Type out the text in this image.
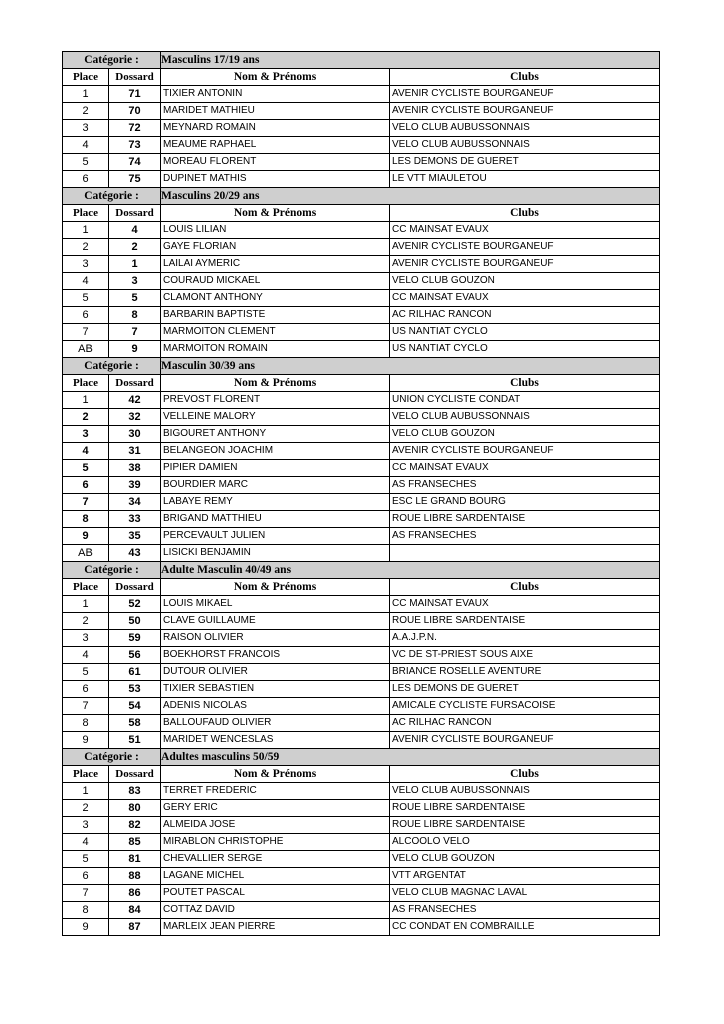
Catégorie :		Masculins 17/19 ans	
Place	Dossard	Nom & Prénoms	Clubs
1	71	TIXIER ANTONIN	AVENIR CYCLISTE BOURGANEUF
2	70	MARIDET MATHIEU	AVENIR CYCLISTE BOURGANEUF
3	72	MEYNARD ROMAIN	VELO CLUB AUBUSSONNAIS
4	73	MEAUME RAPHAEL	VELO CLUB AUBUSSONNAIS
5	74	MOREAU FLORENT	LES DEMONS DE GUERET
6	75	DUPINET MATHIS	LE VTT MIAULETOU
Catégorie :		Masculins 20/29 ans	
Place	Dossard	Nom & Prénoms	Clubs
1	4	LOUIS LILIAN	CC MAINSAT EVAUX
2	2	GAYE FLORIAN	AVENIR CYCLISTE BOURGANEUF
3	1	LAILAI AYMERIC	AVENIR CYCLISTE BOURGANEUF
4	3	COURAUD MICKAEL	VELO CLUB GOUZON
5	5	CLAMONT ANTHONY	CC MAINSAT EVAUX
6	8	BARBARIN BAPTISTE	AC RILHAC RANCON
7	7	MARMOITON CLEMENT	US NANTIAT CYCLO
AB	9	MARMOITON ROMAIN	US NANTIAT CYCLO
Catégorie :		Masculin 30/39 ans	
Place	Dossard	Nom & Prénoms	Clubs
1	42	PREVOST FLORENT	UNION CYCLISTE CONDAT
2	32	VELLEINE MALORY	VELO CLUB AUBUSSONNAIS
3	30	BIGOURET ANTHONY	VELO CLUB GOUZON
4	31	BELANGEON JOACHIM	AVENIR CYCLISTE BOURGANEUF
5	38	PIPIER DAMIEN	CC MAINSAT EVAUX
6	39	BOURDIER MARC	AS FRANSECHES
7	34	LABAYE REMY	ESC LE GRAND BOURG
8	33	BRIGAND MATTHIEU	ROUE LIBRE SARDENTAISE
9	35	PERCEVAULT JULIEN	AS FRANSECHES
AB	43	LISICKI BENJAMIN	
Catégorie :		Adulte Masculin 40/49 ans	
Place	Dossard	Nom & Prénoms	Clubs
1	52	LOUIS MIKAEL	CC MAINSAT EVAUX
2	50	CLAVE GUILLAUME	ROUE LIBRE SARDENTAISE
3	59	RAISON OLIVIER	A.A.J.P.N.
4	56	BOEKHORST FRANCOIS	VC DE ST-PRIEST SOUS AIXE
5	61	DUTOUR OLIVIER	BRIANCE ROSELLE AVENTURE
6	53	TIXIER SEBASTIEN	LES DEMONS DE GUERET
7	54	ADENIS NICOLAS	AMICALE CYCLISTE FURSACOISE
8	58	BALLOUFAUD OLIVIER	AC RILHAC RANCON
9	51	MARIDET WENCESLAS	AVENIR CYCLISTE BOURGANEUF
Catégorie :		Adultes masculins 50/59	
Place	Dossard	Nom & Prénoms	Clubs
1	83	TERRET FREDERIC	VELO CLUB AUBUSSONNAIS
2	80	GERY ERIC	ROUE LIBRE SARDENTAISE
3	82	ALMEIDA JOSE	ROUE LIBRE SARDENTAISE
4	85	MIRABLON CHRISTOPHE	ALCOOLO VELO
5	81	CHEVALLIER SERGE	VELO CLUB GOUZON
6	88	LAGANE MICHEL	VTT ARGENTAT
7	86	POUTET PASCAL	VELO CLUB MAGNAC LAVAL
8	84	COTTAZ DAVID	AS FRANSECHES
9	87	MARLEIX JEAN PIERRE	CC CONDAT EN COMBRAILLE
